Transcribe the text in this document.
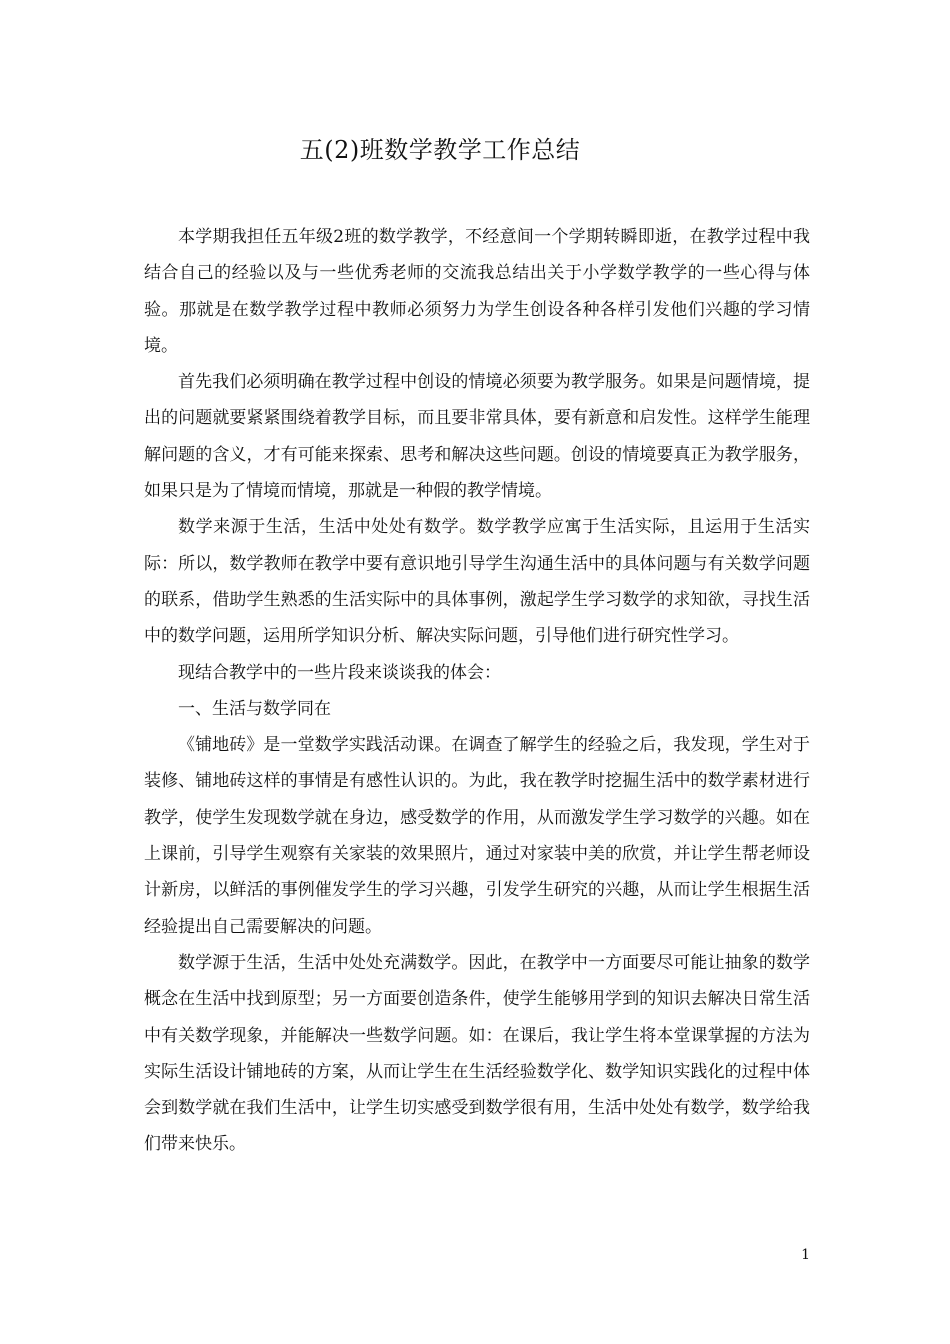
五(2)班数学教学工作总结

本学期我担任五年级2班的数学教学，不经意间一个学期转瞬即逝，在教学过程中我结合自己的经验以及与一些优秀老师的交流我总结出关于小学数学教学的一些心得与体验。那就是在数学教学过程中教师必须努力为学生创设各种各样引发他们兴趣的学习情境。

首先我们必须明确在教学过程中创设的情境必须要为教学服务。如果是问题情境，提出的问题就要紧紧围绕着教学目标，而且要非常具体，要有新意和启发性。这样学生能理解问题的含义，才有可能来探索、思考和解决这些问题。创设的情境要真正为教学服务，如果只是为了情境而情境，那就是一种假的教学情境。

数学来源于生活，生活中处处有数学。数学教学应寓于生活实际，且运用于生活实际：所以，数学教师在教学中要有意识地引导学生沟通生活中的具体问题与有关数学问题的联系，借助学生熟悉的生活实际中的具体事例，激起学生学习数学的求知欲，寻找生活中的数学问题，运用所学知识分析、解决实际问题，引导他们进行研究性学习。

现结合教学中的一些片段来谈谈我的体会：

一、生活与数学同在

《铺地砖》是一堂数学实践活动课。在调查了解学生的经验之后，我发现，学生对于装修、铺地砖这样的事情是有感性认识的。为此，我在教学时挖掘生活中的数学素材进行教学，使学生发现数学就在身边，感受数学的作用，从而激发学生学习数学的兴趣。如在上课前，引导学生观察有关家装的效果照片，通过对家装中美的欣赏，并让学生帮老师设计新房，以鲜活的事例催发学生的学习兴趣，引发学生研究的兴趣，从而让学生根据生活经验提出自己需要解决的问题。

数学源于生活，生活中处处充满数学。因此，在教学中一方面要尽可能让抽象的数学概念在生活中找到原型；另一方面要创造条件，使学生能够用学到的知识去解决日常生活中有关数学现象，并能解决一些数学问题。如：在课后，我让学生将本堂课掌握的方法为实际生活设计铺地砖的方案，从而让学生在生活经验数学化、数学知识实践化的过程中体会到数学就在我们生活中，让学生切实感受到数学很有用，生活中处处有数学，数学给我们带来快乐。

1
